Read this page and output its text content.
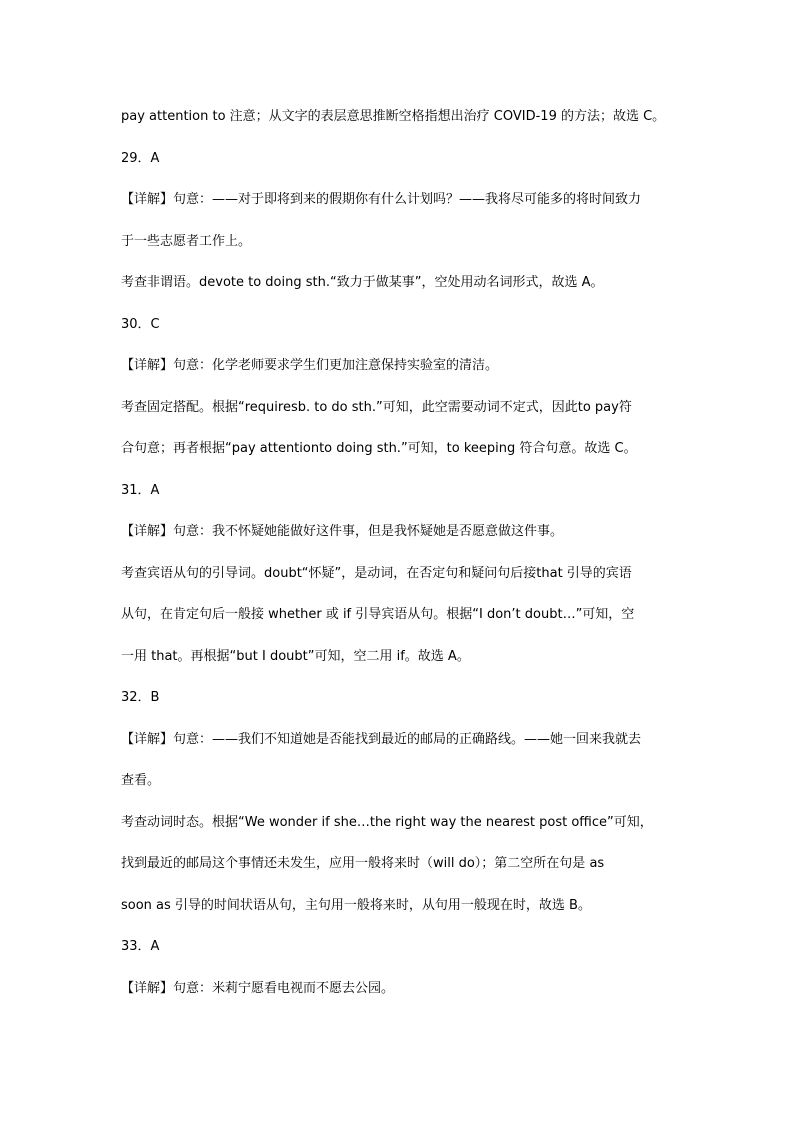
pay attention to 注意；从文字的表层意思推断空格指想出治疗 COVID-19 的方法；故选 C。
29．A
【详解】句意：——对于即将到来的假期你有什么计划吗？——我将尽可能多的将时间致力
于一些志愿者工作上。
考查非谓语。devote to doing sth.“致力于做某事”，空处用动名词形式，故选 A。
30．C
【详解】句意：化学老师要求学生们更加注意保持实验室的清洁。
考查固定搭配。根据“requiresb. to do sth.”可知，此空需要动词不定式，因此to pay符
合句意；再者根据“pay attentionto doing sth.”可知，to keeping 符合句意。故选 C。
31．A
【详解】句意：我不怀疑她能做好这件事，但是我怀疑她是否愿意做这件事。
考查宾语从句的引导词。doubt“怀疑”，是动词，在否定句和疑问句后接that 引导的宾语
从句，在肯定句后一般接 whether 或 if 引导宾语从句。根据“I don’t doubt…”可知，空
一用 that。再根据“but I doubt”可知，空二用 if。故选 A。
32．B
【详解】句意：——我们不知道她是否能找到最近的邮局的正确路线。——她一回来我就去
查看。
考查动词时态。根据“We wonder if she…the right way the nearest post office”可知，
找到最近的邮局这个事情还未发生，应用一般将来时（will do）；第二空所在句是 as
soon as 引导的时间状语从句，主句用一般将来时，从句用一般现在时，故选 B。
33．A
【详解】句意：米莉宁愿看电视而不愿去公园。
